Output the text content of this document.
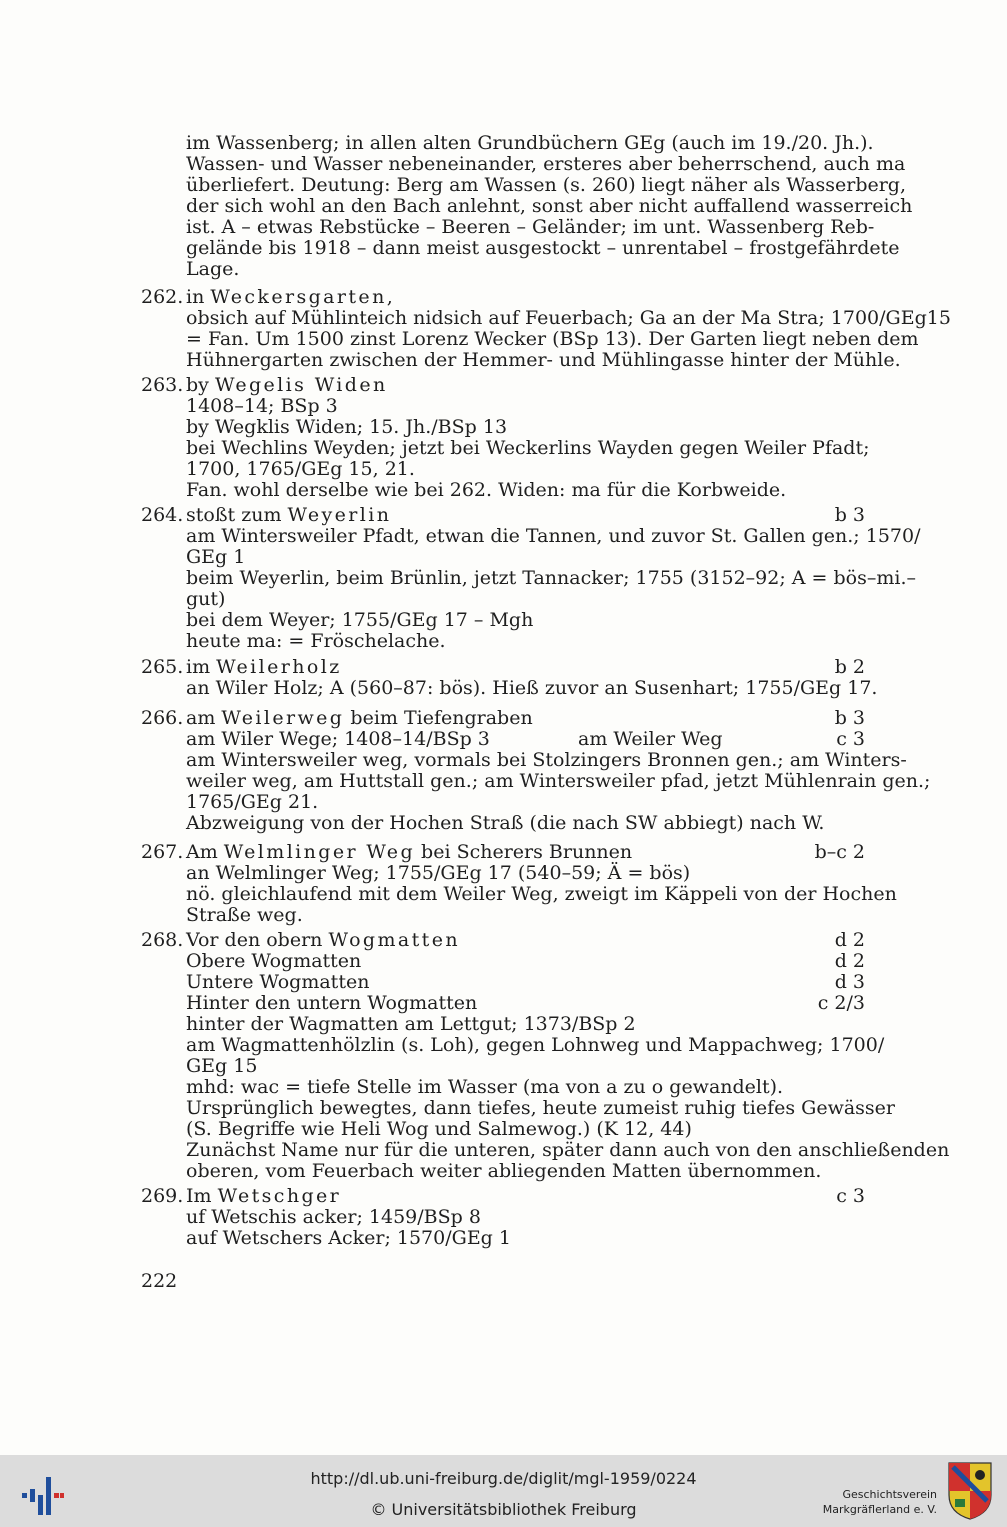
im Wassenberg; in allen alten Grundbüchern GEg (auch im 19./20. Jh.).
Wassen- und Wasser nebeneinander, ersteres aber beherrschend, auch ma
überliefert. Deutung: Berg am Wassen (s. 260) liegt näher als Wasserberg,
der sich wohl an den Bach anlehnt, sonst aber nicht auffallend wasserreich
ist. A – etwas Rebstücke – Beeren – Geländer; im unt. Wassenberg Reb-
gelände bis 1918 – dann meist ausgestockt – unrentabel – frostgefährdete
Lage.
262. in Weckersgarten,
obsich auf Mühlinteich nidsich auf Feuerbach; Ga an der Ma Stra; 1700/GEg15
= Fan. Um 1500 zinst Lorenz Wecker (BSp 13). Der Garten liegt neben dem
Hühnergarten zwischen der Hemmer- und Mühlingasse hinter der Mühle.
263. by Wegelis Widen
1408–14; BSp 3
by Wegklis Widen; 15. Jh./BSp 13
bei Wechlins Weyden; jetzt bei Weckerlins Wayden gegen Weiler Pfadt;
1700, 1765/GEg 15, 21.
Fan. wohl derselbe wie bei 262. Widen: ma für die Korbweide.
264. stoßt zum Weyerlin	b 3
am Wintersweiler Pfadt, etwan die Tannen, und zuvor St. Gallen gen.; 1570/
GEg 1
beim Weyerlin, beim Brünlin, jetzt Tannacker; 1755 (3152–92; A = bös–mi.–
gut)
bei dem Weyer; 1755/GEg 17 – Mgh
heute ma: = Fröschelache.
265. im Weilerholz	b 2
an Wiler Holz; A (560–87: bös). Hieß zuvor an Susenhart; 1755/GEg 17.
266. am Weilerweg beim Tiefengraben	b 3
am Wiler Wege; 1408–14/BSp 3	am Weiler Weg	c 3
am Wintersweiler weg, vormals bei Stolzingers Bronnen gen.; am Winters-
weiler weg, am Huttstall gen.; am Wintersweiler pfad, jetzt Mühlenrain gen.;
1765/GEg 21.
Abzweigung von der Hochen Straß (die nach SW abbiegt) nach W.
267. Am Welmlinger Weg bei Scherers Brunnen	b–c 2
an Welmlinger Weg; 1755/GEg 17 (540–59; Ä = bös)
nö. gleichlaufend mit dem Weiler Weg, zweigt im Käppeli von der Hochen
Straße weg.
268. Vor den obern Wogmatten	d 2
Obere Wogmatten	d 2
Untere Wogmatten	d 3
Hinter den untern Wogmatten	c 2/3
hinter der Wagmatten am Lettgut; 1373/BSp 2
am Wagmattenhölzlin (s. Loh), gegen Lohnweg und Mappachweg; 1700/
GEg 15
mhd: wac = tiefe Stelle im Wasser (ma von a zu o gewandelt).
Ursprünglich bewegtes, dann tiefes, heute zumeist ruhig tiefes Gewässer
(S. Begriffe wie Heli Wog und Salmewog.) (K 12, 44)
Zunächst Name nur für die unteren, später dann auch von den anschließenden
oberen, vom Feuerbach weiter abliegenden Matten übernommen.
269. Im Wetschger	c 3
uf Wetschis acker; 1459/BSp 8
auf Wetschers Acker; 1570/GEg 1
222
http://dl.ub.uni-freiburg.de/diglit/mgl-1959/0224
© Universitätsbibliothek Freiburg
Geschichtsverein
Markgräflerland e. V.
